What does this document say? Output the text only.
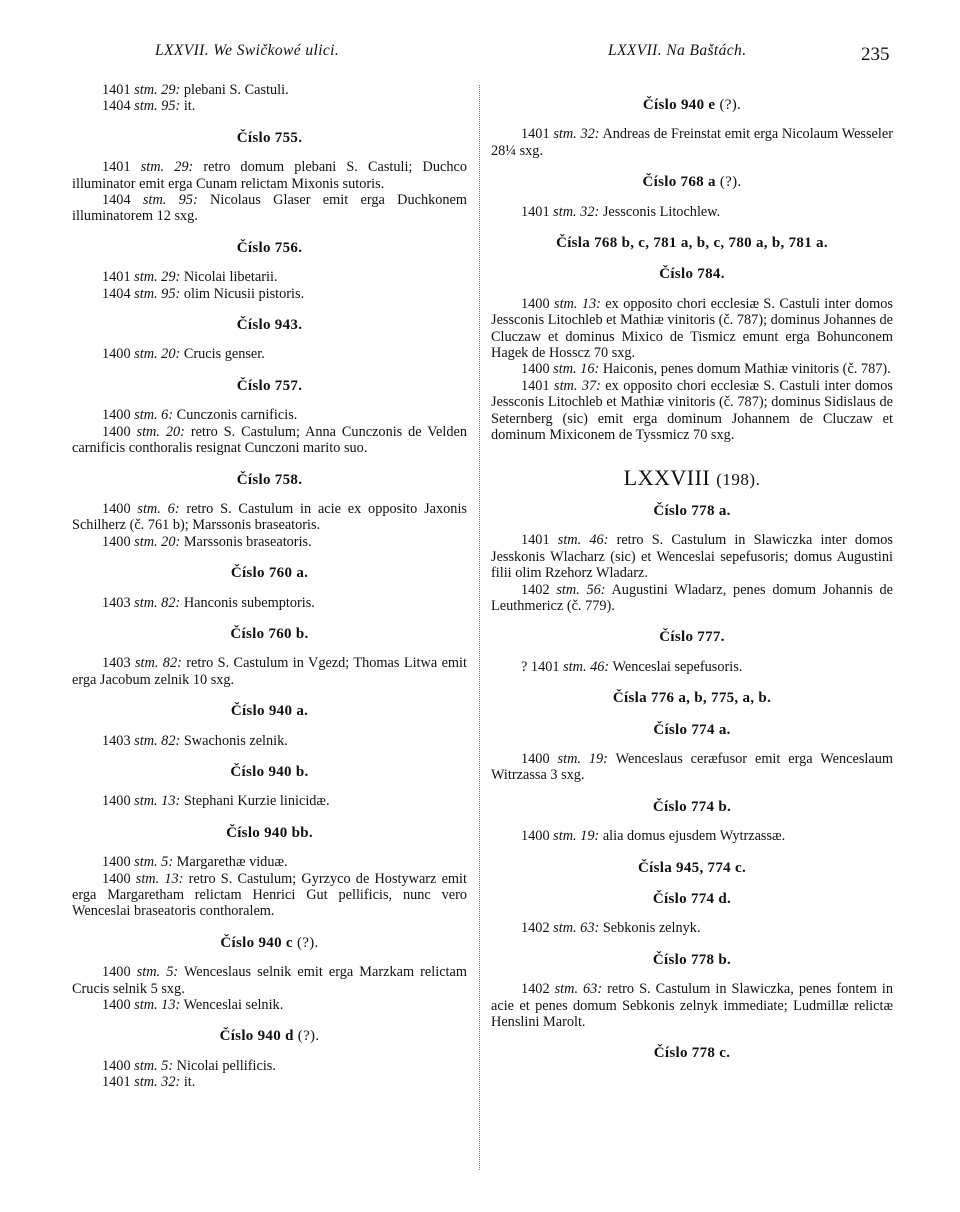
LXXVII. We Swičkowé ulici.	LXXVII. Na Baštách.	235

1401 stm. 29: plebani S. Castuli.

1404 stm. 95: it.

Číslo 755.

1401 stm. 29: retro domum plebani S. Castuli; Duchco illuminator emit erga Cunam relictam Mixonis sutoris.

1404 stm. 95: Nicolaus Glaser emit erga Duchkonem illuminatorem 12 sxg.

Číslo 756.

1401 stm. 29: Nicolai libetarii.

1404 stm. 95: olim Nicusii pistoris.

Číslo 943.

1400 stm. 20: Crucis genser.

Číslo 757.

1400 stm. 6: Cunczonis carnificis.

1400 stm. 20: retro S. Castulum; Anna Cunczonis de Velden carnificis conthoralis resignat Cunczoni marito suo.

Číslo 758.

1400 stm. 6: retro S. Castulum in acie ex opposito Jaxonis Schilherz (č. 761 b); Marssonis braseatoris.

1400 stm. 20: Marssonis braseatoris.

Číslo 760 a.

1403 stm. 82: Hanconis subemptoris.

Číslo 760 b.

1403 stm. 82: retro S. Castulum in Vgezd; Thomas Litwa emit erga Jacobum zelnik 10 sxg.

Číslo 940 a.

1403 stm. 82: Swachonis zelnik.

Číslo 940 b.

1400 stm. 13: Stephani Kurzie linicidæ.

Číslo 940 bb.

1400 stm. 5: Margarethæ viduæ.

1400 stm. 13: retro S. Castulum; Gyrzyco de Hostywarz emit erga Margaretham relictam Henrici Gut pellificis, nunc vero Wenceslai braseatoris conthoralem.

Číslo 940 c (?).

1400 stm. 5: Wenceslaus selnik emit erga Marzkam relictam Crucis selnik 5 sxg.

1400 stm. 13: Wenceslai selnik.

Číslo 940 d (?).

1400 stm. 5: Nicolai pellificis.

1401 stm. 32: it.

Číslo 940 e (?).

1401 stm. 32: Andreas de Freinstat emit erga Nicolaum Wesseler 28¼ sxg.

Číslo 768 a (?).

1401 stm. 32: Jessconis Litochlew.

Čísla 768 b, c, 781 a, b, c, 780 a, b, 781 a.
Číslo 784.

1400 stm. 13: ex opposito chori ecclesiæ S. Castuli inter domos Jessconis Litochleb et Mathiæ vinitoris (č. 787); dominus Johannes de Cluczaw et dominus Mixico de Tismicz emunt erga Bohunconem Hagek de Hosscz 70 sxg.

1400 stm. 16: Haiconis, penes domum Mathiæ vinitoris (č. 787).

1401 stm. 37: ex opposito chori ecclesiæ S. Castuli inter domos Jessconis Litochleb et Mathiæ vinitoris (č. 787); dominus Sidislaus de Seternberg (sic) emit erga dominum Johannem de Cluczaw et dominum Mixiconem de Tyssmicz 70 sxg.

LXXVIII (198).
Číslo 778 a.

1401 stm. 46: retro S. Castulum in Slawiczka inter domos Jesskonis Wlacharz (sic) et Wenceslai sepefusoris; domus Augustini filii olim Rzehorz Wladarz.

1402 stm. 56: Augustini Wladarz, penes domum Johannis de Leuthmericz (č. 779).

Číslo 777.

? 1401 stm. 46: Wenceslai sepefusoris.

Čísla 776 a, b, 775, a, b.
Číslo 774 a.

1400 stm. 19: Wenceslaus ceræfusor emit erga Wenceslaum Witrzassa 3 sxg.

Číslo 774 b.

1400 stm. 19: alia domus ejusdem Wytrzassæ.

Čísla 945, 774 c.
Číslo 774 d.

1402 stm. 63: Sebkonis zelnyk.

Číslo 778 b.

1402 stm. 63: retro S. Castulum in Slawiczka, penes fontem in acie et penes domum Sebkonis zelnyk immediate; Ludmillæ relictæ Henslini Marolt.

Číslo 778 c.
